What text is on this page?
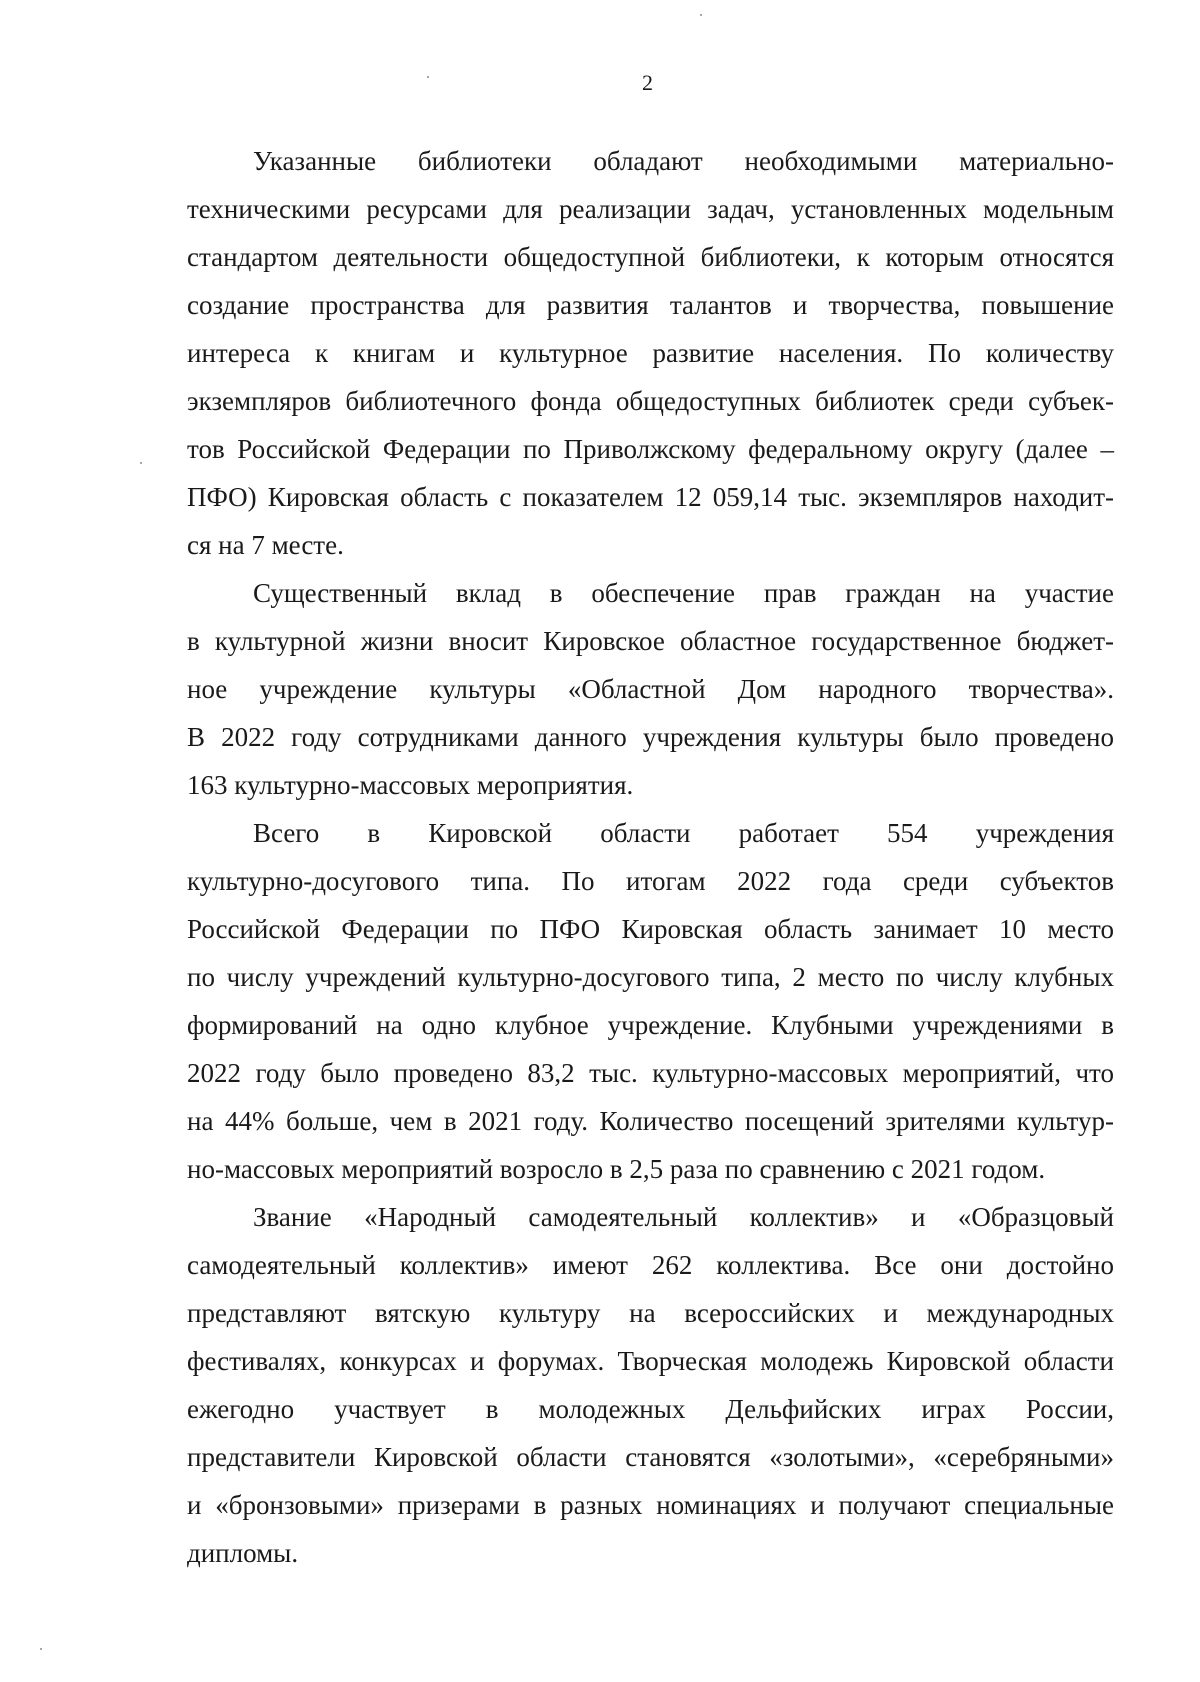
2
Указанные библиотеки обладают необходимыми материально-
техническими ресурсами для реализации задач, установленных модельным
стандартом деятельности общедоступной библиотеки, к которым относятся
создание пространства для развития талантов и творчества, повышение
интереса к книгам и культурное развитие населения. По количеству
экземпляров библиотечного фонда общедоступных библиотек среди субъек-
тов Российской Федерации по Приволжскому федеральному округу (далее –
ПФО) Кировская область с показателем 12 059,14 тыс. экземпляров находит-
ся на 7 месте.
Существенный вклад в обеспечение прав граждан на участие
в культурной жизни вносит Кировское областное государственное бюджет-
ное учреждение культуры «Областной Дом народного творчества».
В 2022 году сотрудниками данного учреждения культуры было проведено
163 культурно-массовых мероприятия.
Всего в Кировской области работает 554 учреждения
культурно-досугового типа. По итогам 2022 года среди субъектов
Российской Федерации по ПФО Кировская область занимает 10 место
по числу учреждений культурно-досугового типа, 2 место по числу клубных
формирований на одно клубное учреждение. Клубными учреждениями в
2022 году было проведено 83,2 тыс. культурно-массовых мероприятий, что
на 44% больше, чем в 2021 году. Количество посещений зрителями культур-
но-массовых мероприятий возросло в 2,5 раза по сравнению с 2021 годом.
Звание «Народный самодеятельный коллектив» и «Образцовый
самодеятельный коллектив» имеют 262 коллектива. Все они достойно
представляют вятскую культуру на всероссийских и международных
фестивалях, конкурсах и форумах. Творческая молодежь Кировской области
ежегодно участвует в молодежных Дельфийских играх России,
представители Кировской области становятся «золотыми», «серебряными»
и «бронзовыми» призерами в разных номинациях и получают специальные
дипломы.
